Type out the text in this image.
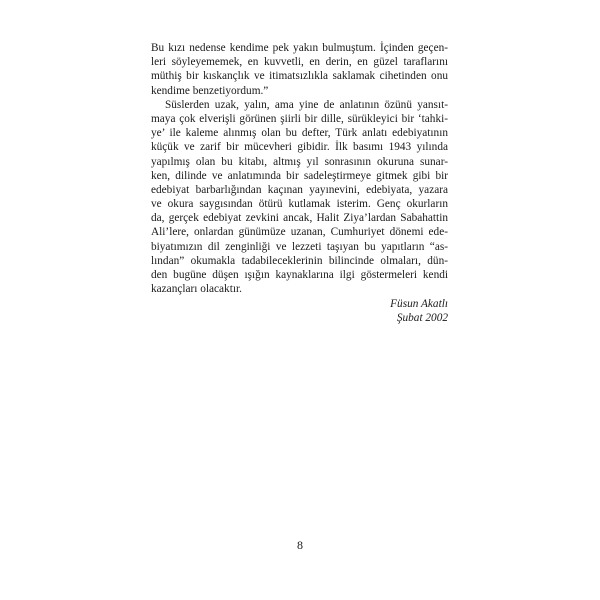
Bu kızı nedense kendime pek yakın bulmuştum. İçinden geçen-
leri söyleyememek, en kuvvetli, en derin, en güzel taraflarını
müthiş bir kıskançlık ve itimatsızlıkla saklamak cihetinden onu
kendime benzetiyordum.”
Süslerden uzak, yalın, ama yine de anlatının özünü yansıt-
maya çok elverişli görünen şiirli bir dille, sürükleyici bir ‘tahki-
ye’ ile kaleme alınmış olan bu defter, Türk anlatı edebiyatının
küçük ve zarif bir mücevheri gibidir. İlk basımı 1943 yılında
yapılmış olan bu kitabı, altmış yıl sonrasının okuruna sunar-
ken, dilinde ve anlatımında bir sadeleştirmeye gitmek gibi bir
edebiyat barbarlığından kaçınan yayınevini, edebiyata, yazara
ve okura saygısından ötürü kutlamak isterim. Genç okurların
da, gerçek edebiyat zevkini ancak, Halit Ziya’lardan Sabahattin
Ali’lere, onlardan günümüze uzanan, Cumhuriyet dönemi ede-
biyatımızın dil zenginliği ve lezzeti taşıyan bu yapıtların “as-
lından” okumakla tadabileceklerinin bilincinde olmaları, dün-
den bugüne düşen ışığın kaynaklarına ilgi göstermeleri kendi
kazançları olacaktır.
Füsun Akatlı
Şubat 2002
8
